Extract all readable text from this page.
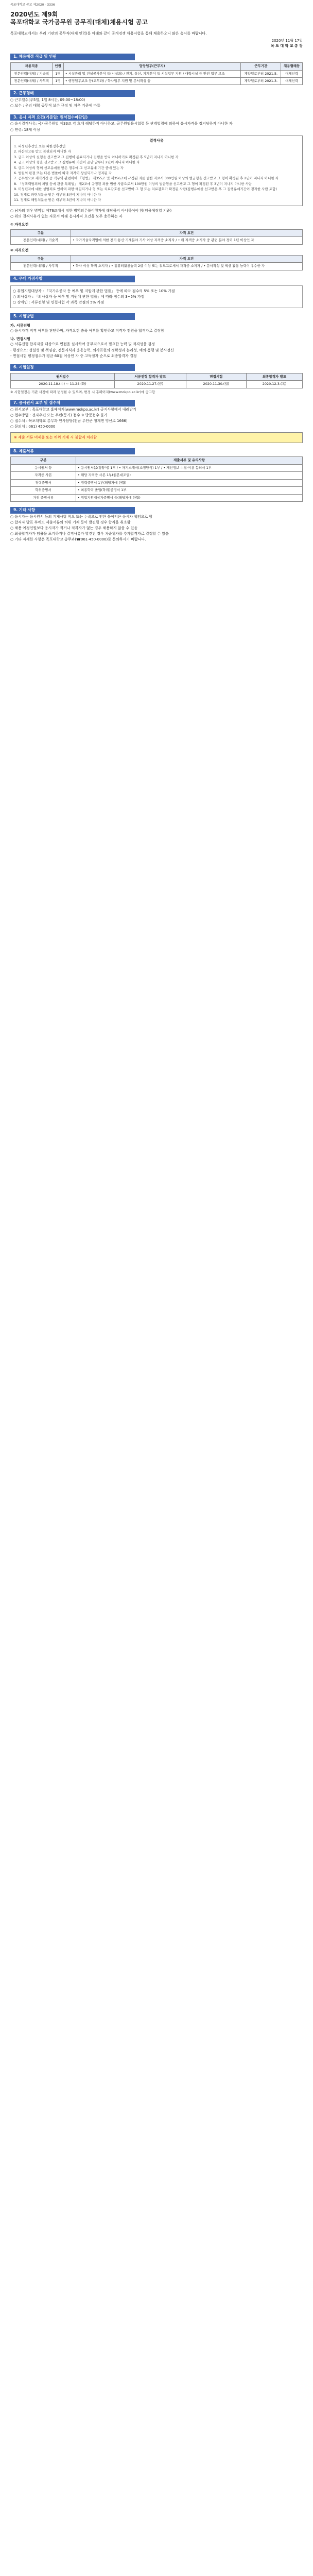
목포대학교 공고 제2020 - 3336
2020년도 제9회
목포대학교 국가공무원 공무직(대체)채용시험 공고
목포대학교에서는 우리 기관의 공무직(대체 인력)를 아래와 같이 공개경쟁 채용시험을 통해 채용하오니 많은 응시를 바랍니다.
2020년 11월 17일
목 포 대 학 교 총 장
1. 채용예정 직급 및 인원
채용직종	인원	담당업무(근무지)	근무기간	채용형태등
전문인력(대체) / 기술직	1명	• 시설관리 및 건설공사분야 등(시설과) / 전기, 통신, 기계분야 등 시설업무 지원 / 대학시설 등 안전 업무 보조	계약일로부터 2021.5.	대체인력
전문인력(대체) / 사무직	1명	• 행정업무보조 등(교무과) / 학사업무 지원 및 문서작성 등	계약일로부터 2021.3.	대체인력
2. 근무형태
○ 근무일수(주5일, 1일 8시간, 09:00~18:00)
○ 보수 : 우리 대학 공무직 보수 규정 및 처우 기준에 따름
3. 응시 자격 요건(기준일: 원서접수마감일)
○ 응시결격사유: 국가공무원법 제33조 각 호에 해당하지 아니하고, 공무원임용시험령 등 관계법령에 의하여 응시자격을 정지당하지 아니한 자
○ 연령: 18세 이상
결격사유
1. 피성년후견인 또는 피한정후견인
2. 파산선고를 받고 복권되지 아니한 자
3. 금고 이상의 실형을 선고받고 그 집행이 종료되거나 집행을 받지 아니하기로 확정된 후 5년이 지나지 아니한 자
4. 금고 이상의 형을 선고받고 그 집행유예 기간이 끝난 날부터 2년이 지나지 아니한 자
5. 금고 이상의 형의 선고유예를 받은 경우에 그 선고유예 기간 중에 있는 자
6. 법원의 판결 또는 다른 법률에 따라 자격이 상실되거나 정지된 자
7. 공무원으로 재직기간 중 직무와 관련하여 「형법」 제355조 및 제356조에 규정된 죄를 범한 자로서 300만원 이상의 벌금형을 선고받고 그 형이 확정된 후 2년이 지나지 아니한 자
8. 「성폭력범죄의 처벌 등에 관한 특례법」 제2조에 규정된 죄를 범한 사람으로서 100만원 이상의 벌금형을 선고받고 그 형이 확정된 후 3년이 지나지 아니한 사람
9. 미성년자에 대한 성범죄로 인하여 파면·해임되거나 형 또는 치료감호를 선고받아 그 형 또는 치료감호가 확정된 사람(집행유예를 선고받은 후 그 집행유예기간이 경과한 사람 포함)
10. 징계로 파면처분을 받은 때부터 5년이 지나지 아니한 자
11. 징계로 해임처분을 받은 때부터 3년이 지나지 아니한 자
○ 남자의 경우 병역법 제76조에서 정한 병역의무불이행자에 해당하지 아니하여야 함(임용예정일 기준)
○ 위의 결격사유가 없는 자로서 아래 응시자격 요건을 모두 충족하는 자
① 자격요건
구분	자격 요건
전문인력(대체) / 기술직	• 국가기술자격법에 의한 전기·통신·기계분야 기사 이상 자격증 소지자 / • 위 자격증 소지자 중 관련 분야 경력 1년 이상인 자
② 자격요건
구분	자격 요건
전문인력(대체) / 사무직	• 학사 이상 학위 소지자 / • 컴퓨터활용능력 2급 이상 또는 워드프로세서 자격증 소지자 / • 문서작성 및 엑셀 활용 능력이 우수한 자
4. 우대 가점사항
○ 취업지원대상자 : 「국가유공자 등 예우 및 지원에 관한 법률」 등에 따라 점수의 5% 또는 10% 가점
○ 의사상자 : 「의사상자 등 예우 및 지원에 관한 법률」에 따라 점수의 3~5% 가점
○ 장애인 : 서류전형 및 면접시험 각 과목 만점의 5% 가점
5. 시험방법
가. 서류전형
○ 응시자격 적격 여부를 판단하며, 자격요건 충족 여부를 확인하고 적격자 전원을 합격자로 결정함
나. 면접시험
○ 서류전형 합격자를 대상으로 면접을 실시하여 공무직으로서 필요한 능력 및 적격성을 검정
- 평정요소: 성실성 및 책임감, 전문지식과 응용능력, 의사표현의 정확성과 논리성, 예의·품행 및 봉사정신
- 면접시험 평정점수가 평균 60점 이상인 자 중 고득점자 순으로 최종합격자 결정
6. 시험일정
원서접수	서류전형 합격자 발표	면접시험	최종합격자 발표
2020.11.18.(수) ~ 11.24.(화)	2020.11.27.(금)	2020.11.30.(월)	2020.12.3.(목)
※ 시험일정은 기관 사정에 따라 변경될 수 있으며, 변경 시 홈페이지(www.mokpo.ac.kr)에 공고함
7. 응시원서 교부 및 접수처
○ 원서교부 : 목포대학교 홈페이지(www.mokpo.ac.kr) 공지사항에서 내려받기
○ 접수방법 : 전자우편 또는 우편(등기) 접수 ※ 방문접수 불가
○ 접수처 : 목포대학교 총무과 인사담당(전남 무안군 청계면 영산로 1666)
○ 문의처 : 061) 450-0000
※ 제출 서류 미제출 또는 허위 기재 시 불합격 처리함
8. 제출서류
구분	제출서류 및 유의사항
응시원서 등	• 응시원서(소정양식) 1부 / • 자기소개서(소정양식) 1부 / • 개인정보 수집·이용 동의서 1부
자격증 사본	• 해당 자격증 사본 1부(원본대조필)
경력증명서	• 경력증명서 1부(해당자에 한함)
학위증명서	• 최종학력 졸업(학위)증명서 1부
가점 증빙서류	• 취업지원대상자증명서 등(해당자에 한함)
9. 기타 사항
○ 응시자는 응시원서 등의 기재사항 착오 또는 누락으로 인한 불이익은 응시자 책임으로 함
○ 합격자 발표 후에도 제출서류의 허위 기재 등이 발견될 경우 합격을 취소함
○ 채용 예정인원보다 응시자가 적거나 적격자가 없는 경우 채용하지 않을 수 있음
○ 최종합격자가 임용을 포기하거나 결격사유가 발견된 경우 차순위자를 추가합격자로 결정할 수 있음
○ 기타 자세한 사항은 목포대학교 총무과(☎061-450-0000)로 문의하시기 바랍니다.
